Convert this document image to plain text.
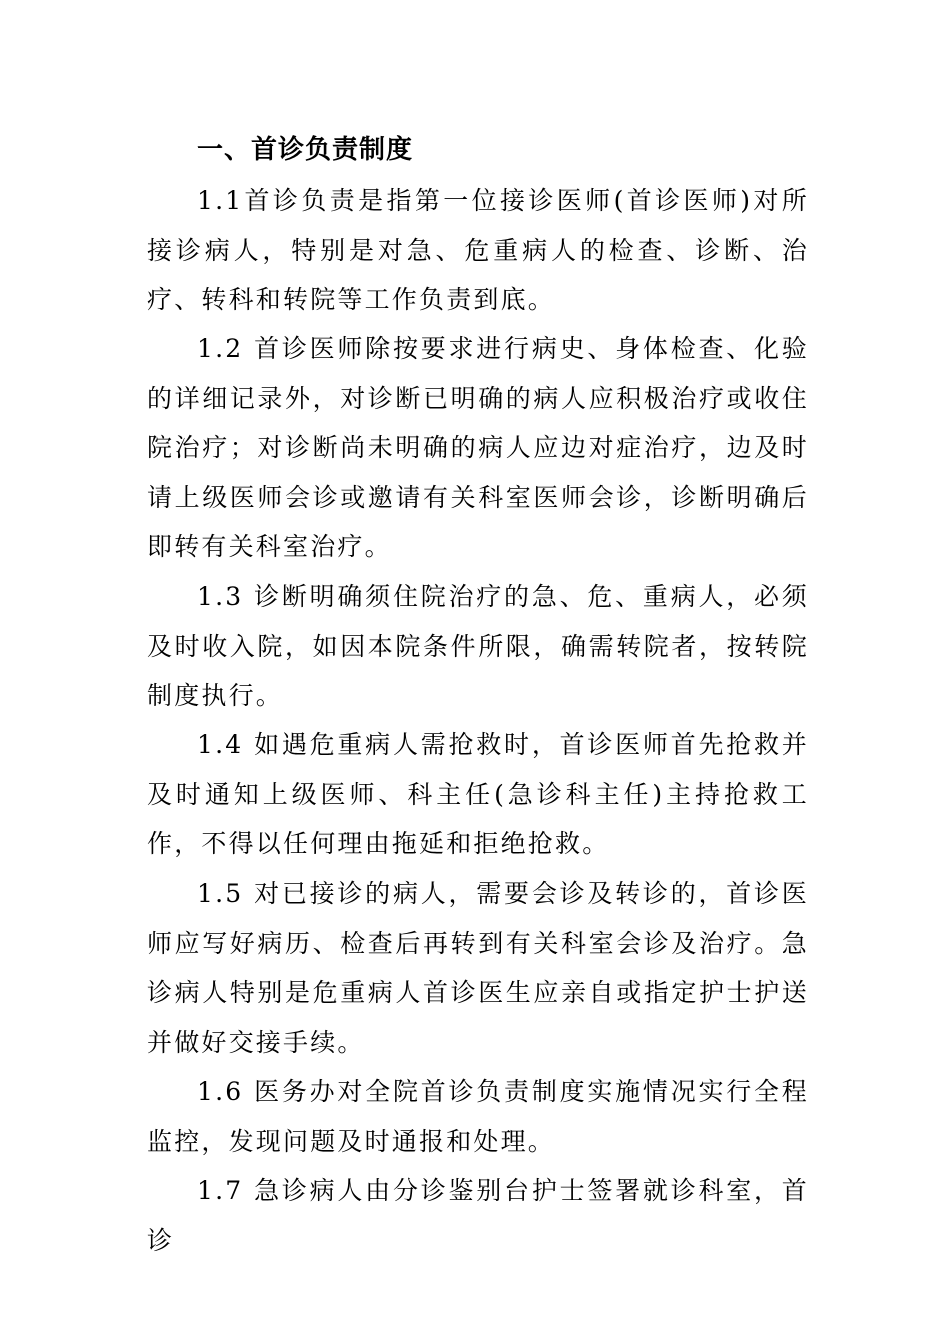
一、首诊负责制度

1.1首诊负责是指第一位接诊医师(首诊医师)对所接诊病人，特别是对急、危重病人的检查、诊断、治疗、转科和转院等工作负责到底。

1.2 首诊医师除按要求进行病史、身体检查、化验的详细记录外，对诊断已明确的病人应积极治疗或收住院治疗；对诊断尚未明确的病人应边对症治疗，边及时请上级医师会诊或邀请有关科室医师会诊，诊断明确后即转有关科室治疗。

1.3 诊断明确须住院治疗的急、危、重病人，必须及时收入院，如因本院条件所限，确需转院者，按转院制度执行。

1.4 如遇危重病人需抢救时，首诊医师首先抢救并及时通知上级医师、科主任(急诊科主任)主持抢救工作，不得以任何理由拖延和拒绝抢救。

1.5 对已接诊的病人，需要会诊及转诊的，首诊医师应写好病历、检查后再转到有关科室会诊及治疗。急诊病人特别是危重病人首诊医生应亲自或指定护士护送并做好交接手续。

1.6 医务办对全院首诊负责制度实施情况实行全程监控，发现问题及时通报和处理。

1.7 急诊病人由分诊鉴别台护士签署就诊科室，首诊
